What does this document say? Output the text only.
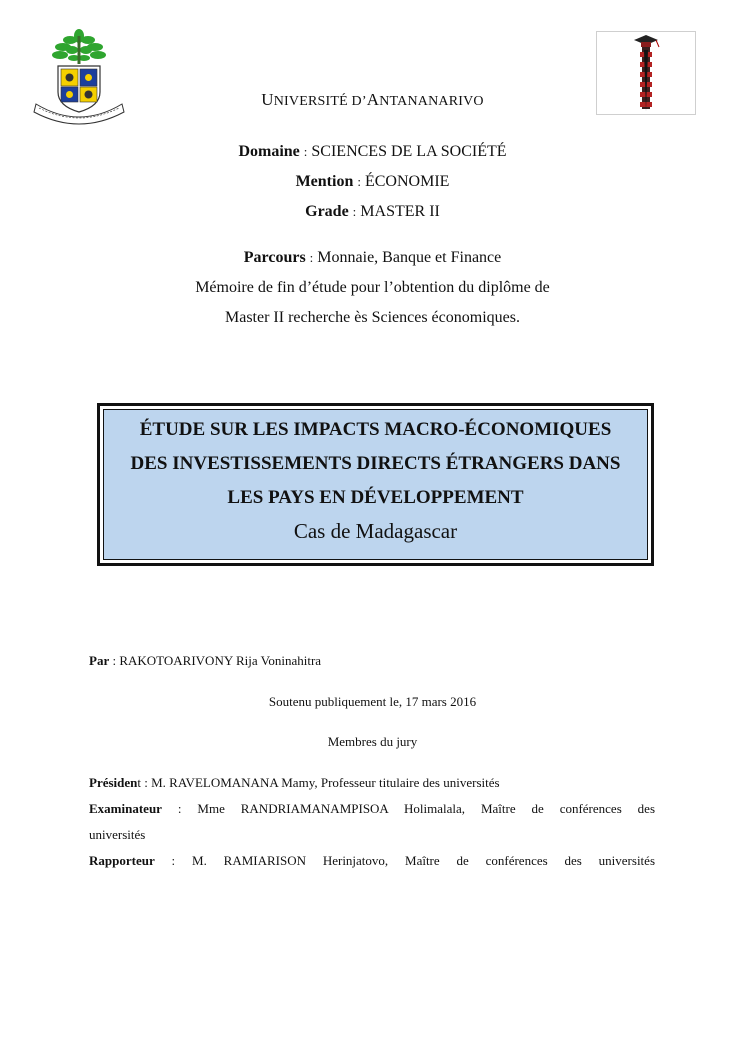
UNIVERSITÉ D’ANTANANARIVO
Domaine : SCIENCES DE LA SOCIÉTÉ
Mention : ÉCONOMIE
Grade : MASTER II
Parcours : Monnaie, Banque et Finance
Mémoire de fin d’étude pour l’obtention du diplôme de
Master II recherche ès Sciences économiques.
ÉTUDE SUR LES IMPACTS MACRO-ÉCONOMIQUES
DES INVESTISSEMENTS DIRECTS ÉTRANGERS DANS
LES PAYS EN DÉVELOPPEMENT
Cas de Madagascar
Par : RAKOTOARIVONY Rija Voninahitra
Soutenu publiquement le, 17 mars 2016
Membres du jury
Président : M. RAVELOMANANA Mamy, Professeur titulaire des universités
Examinateur : Mme RANDRIAMANAMPISOA Holimalala, Maître de conférences des
universités
Rapporteur : M. RAMIARISON Herinjatovo, Maître de conférences des universités
